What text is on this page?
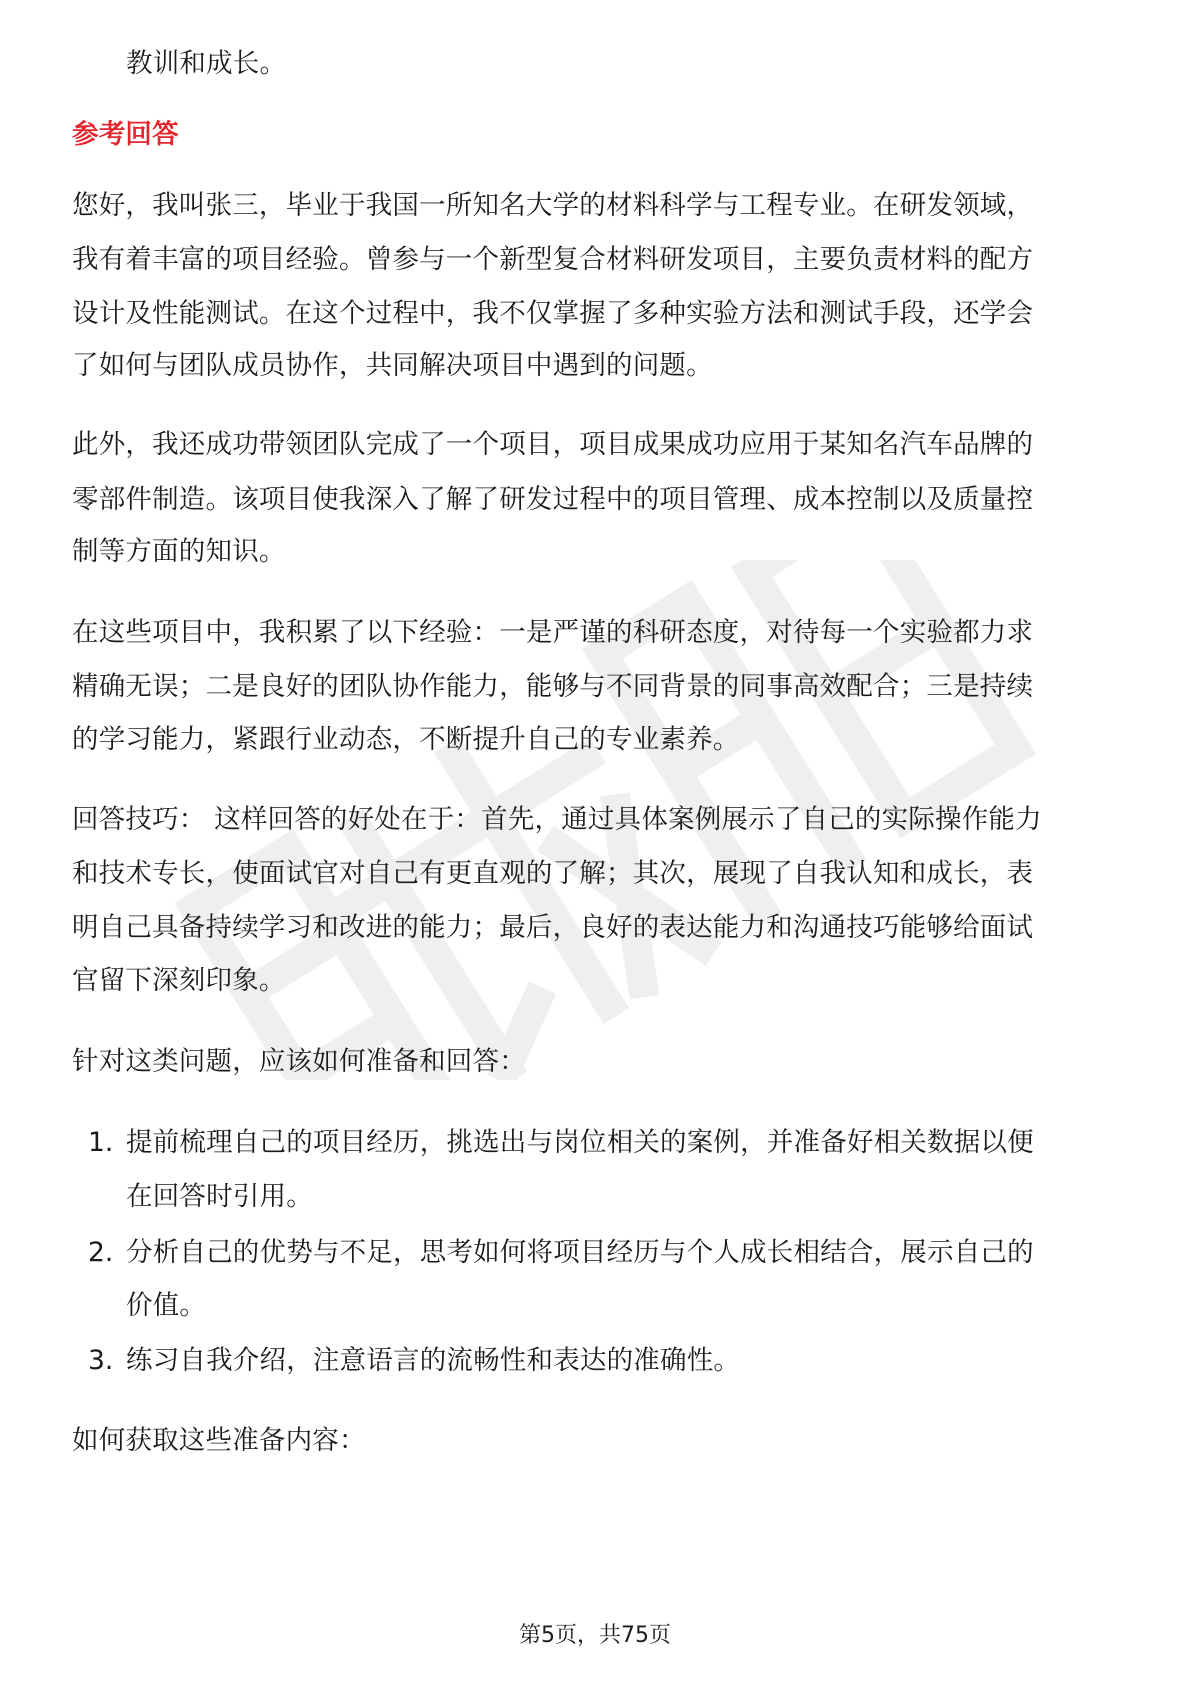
教训和成长。
参考回答
您好，我叫张三，毕业于我国一所知名大学的材料科学与工程专业。在研发领域，
我有着丰富的项目经验。曾参与一个新型复合材料研发项目，主要负责材料的配方
设计及性能测试。在这个过程中，我不仅掌握了多种实验方法和测试手段，还学会
了如何与团队成员协作，共同解决项目中遇到的问题。
此外，我还成功带领团队完成了一个项目，项目成果成功应用于某知名汽车品牌的
零部件制造。该项目使我深入了解了研发过程中的项目管理、成本控制以及质量控
制等方面的知识。
在这些项目中，我积累了以下经验：一是严谨的科研态度，对待每一个实验都力求
精确无误；二是良好的团队协作能力，能够与不同背景的同事高效配合；三是持续
的学习能力，紧跟行业动态，不断提升自己的专业素养。
回答技巧： 这样回答的好处在于：首先，通过具体案例展示了自己的实际操作能力
和技术专长，使面试官对自己有更直观的了解；其次，展现了自我认知和成长，表
明自己具备持续学习和改进的能力；最后，良好的表达能力和沟通技巧能够给面试
官留下深刻印象。
针对这类问题，应该如何准备和回答：
1. 提前梳理自己的项目经历，挑选出与岗位相关的案例，并准备好相关数据以便
在回答时引用。
2. 分析自己的优势与不足，思考如何将项目经历与个人成长相结合，展示自己的
价值。
3. 练习自我介绍，注意语言的流畅性和表达的准确性。
如何获取这些准备内容：
第5页，共75页
